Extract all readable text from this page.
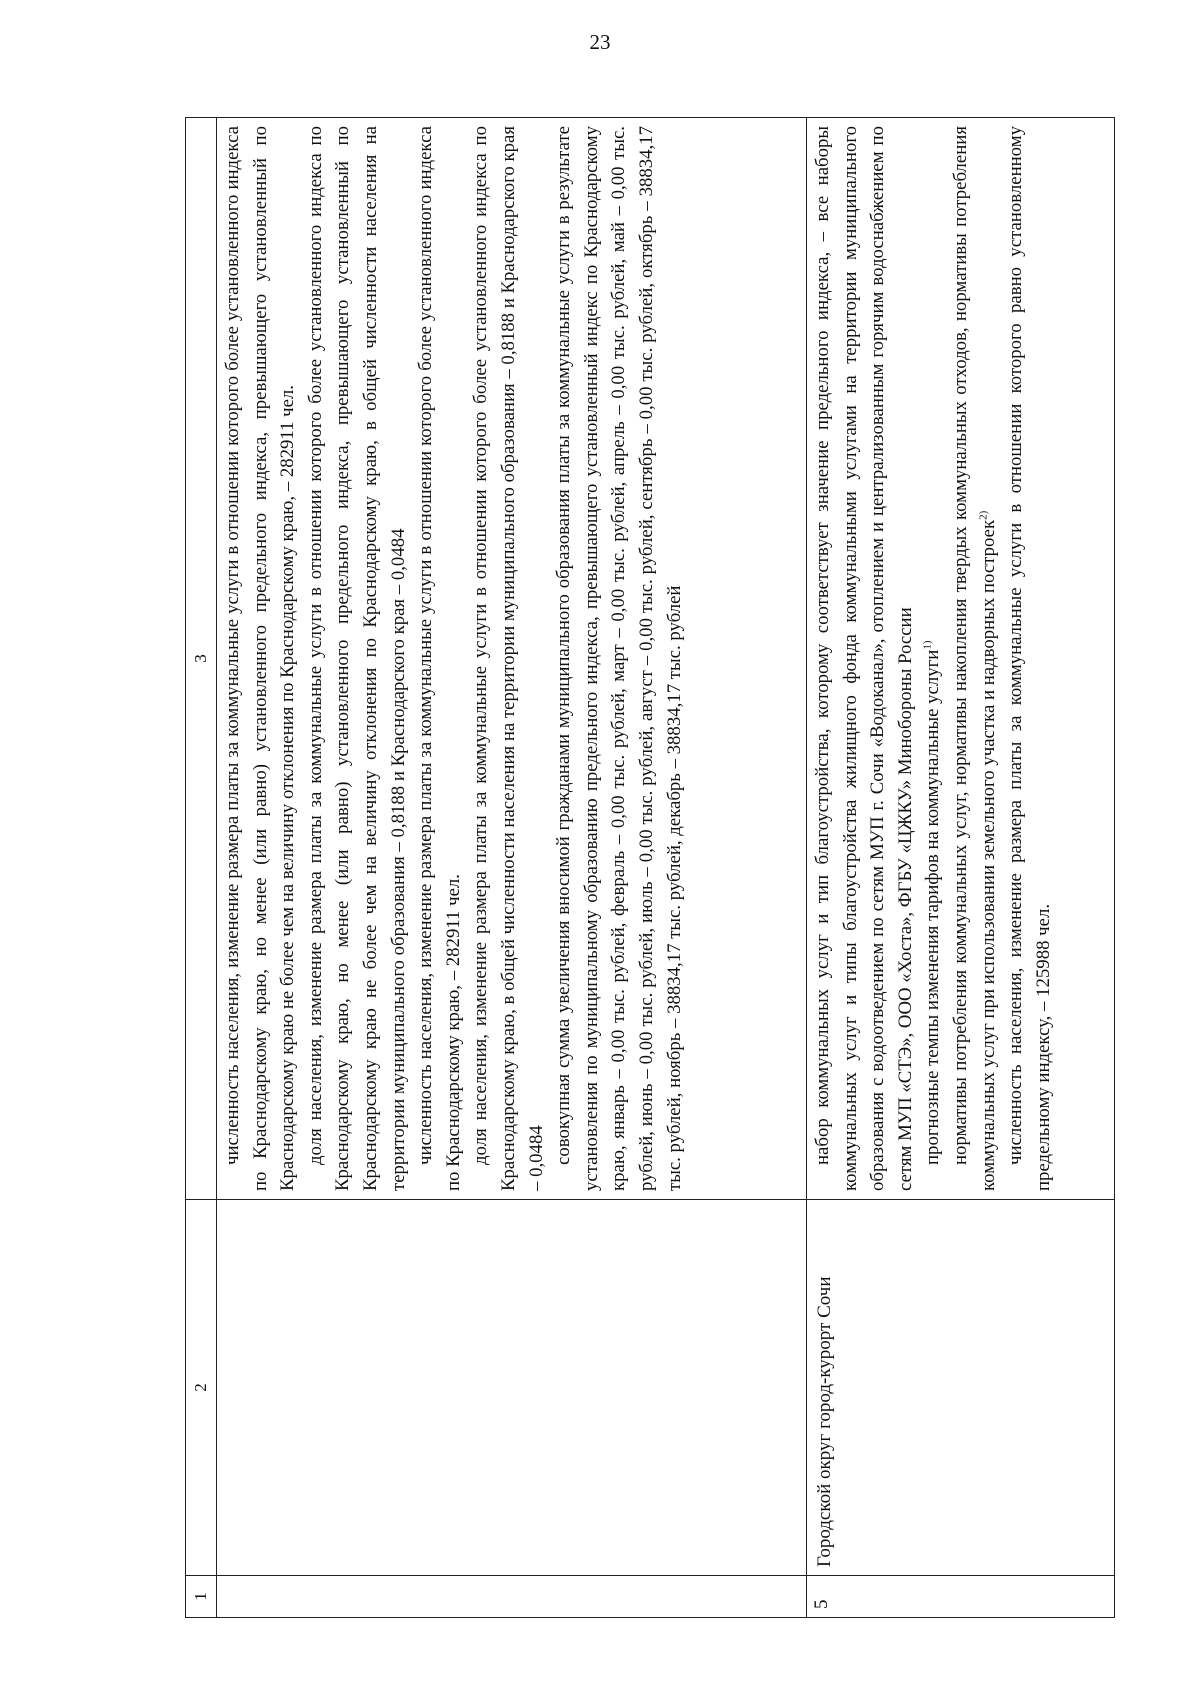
23
1	2	3

		численность населения, изменение размера платы за коммунальные услуги в отношении которого более установленного индекса по Краснодарскому краю, но менее (или равно) установленного предельного индекса, превышающего установленный по Краснодарскому краю не более чем на величину отклонения по Краснодарскому краю, – 282911 чел. доля населения, изменение размера платы за коммунальные услуги в отношении которого более установленного индекса по Краснодарскому краю, но менее (или равно) установленного предельного индекса, превышающего установленный по Краснодарскому краю не более чем на величину отклонения по Краснодарскому краю, в общей численности населения на территории муниципального образования – 0,8188 и Краснодарского края – 0,0484 численность населения, изменение размера платы за коммунальные услуги в отношении которого более установленного индекса по Краснодарскому краю, – 282911 чел. доля населения, изменение размера платы за коммунальные услуги в отношении которого более установленного индекса по Краснодарскому краю, в общей численности населения на территории муниципального образования – 0,8188 и Краснодарского края – 0,0484 совокупная сумма увеличения вносимой гражданами муниципального образования платы за коммунальные услуги в результате установления по муниципальному образованию предельного индекса, превышающего установленный индекс по Краснодарскому краю, январь – 0,00 тыс. рублей, февраль – 0,00 тыс. рублей, март – 0,00 тыс. рублей, апрель – 0,00 тыс. рублей, май – 0,00 тыс. рублей, июнь – 0,00 тыс. рублей, июль – 0,00 тыс. рублей, август – 0,00 тыс. рублей, сентябрь – 0,00 тыс. рублей, октябрь – 38834,17 тыс. рублей, ноябрь – 38834,17 тыс. рублей, декабрь – 38834,17 тыс. рублей

5	Городской округ город-курорт Сочи	набор коммунальных услуг и тип благоустройства, которому соответствует значение предельного индекса, – все наборы коммунальных услуг и типы благоустройства жилищного фонда коммунальными услугами на территории муниципального образования с водоотведением по сетям МУП г. Сочи «Водоканал», отоплением и централизованным горячим водоснабжением по сетям МУП «СТЭ», ООО «Хоста», ФГБУ «ЦЖКУ» Минобороны России прогнозные темпы изменения тарифов на коммунальные услуги$^{1)}$ нормативы потребления коммунальных услуг, нормативы накопления твердых коммунальных отходов, нормативы потребления коммунальных услуг при использовании земельного участка и надворных построек$^{2)}$ численность населения, изменение размера платы за коммунальные услуги в отношении которого равно установленному предельному индексу, – 125988 чел.
